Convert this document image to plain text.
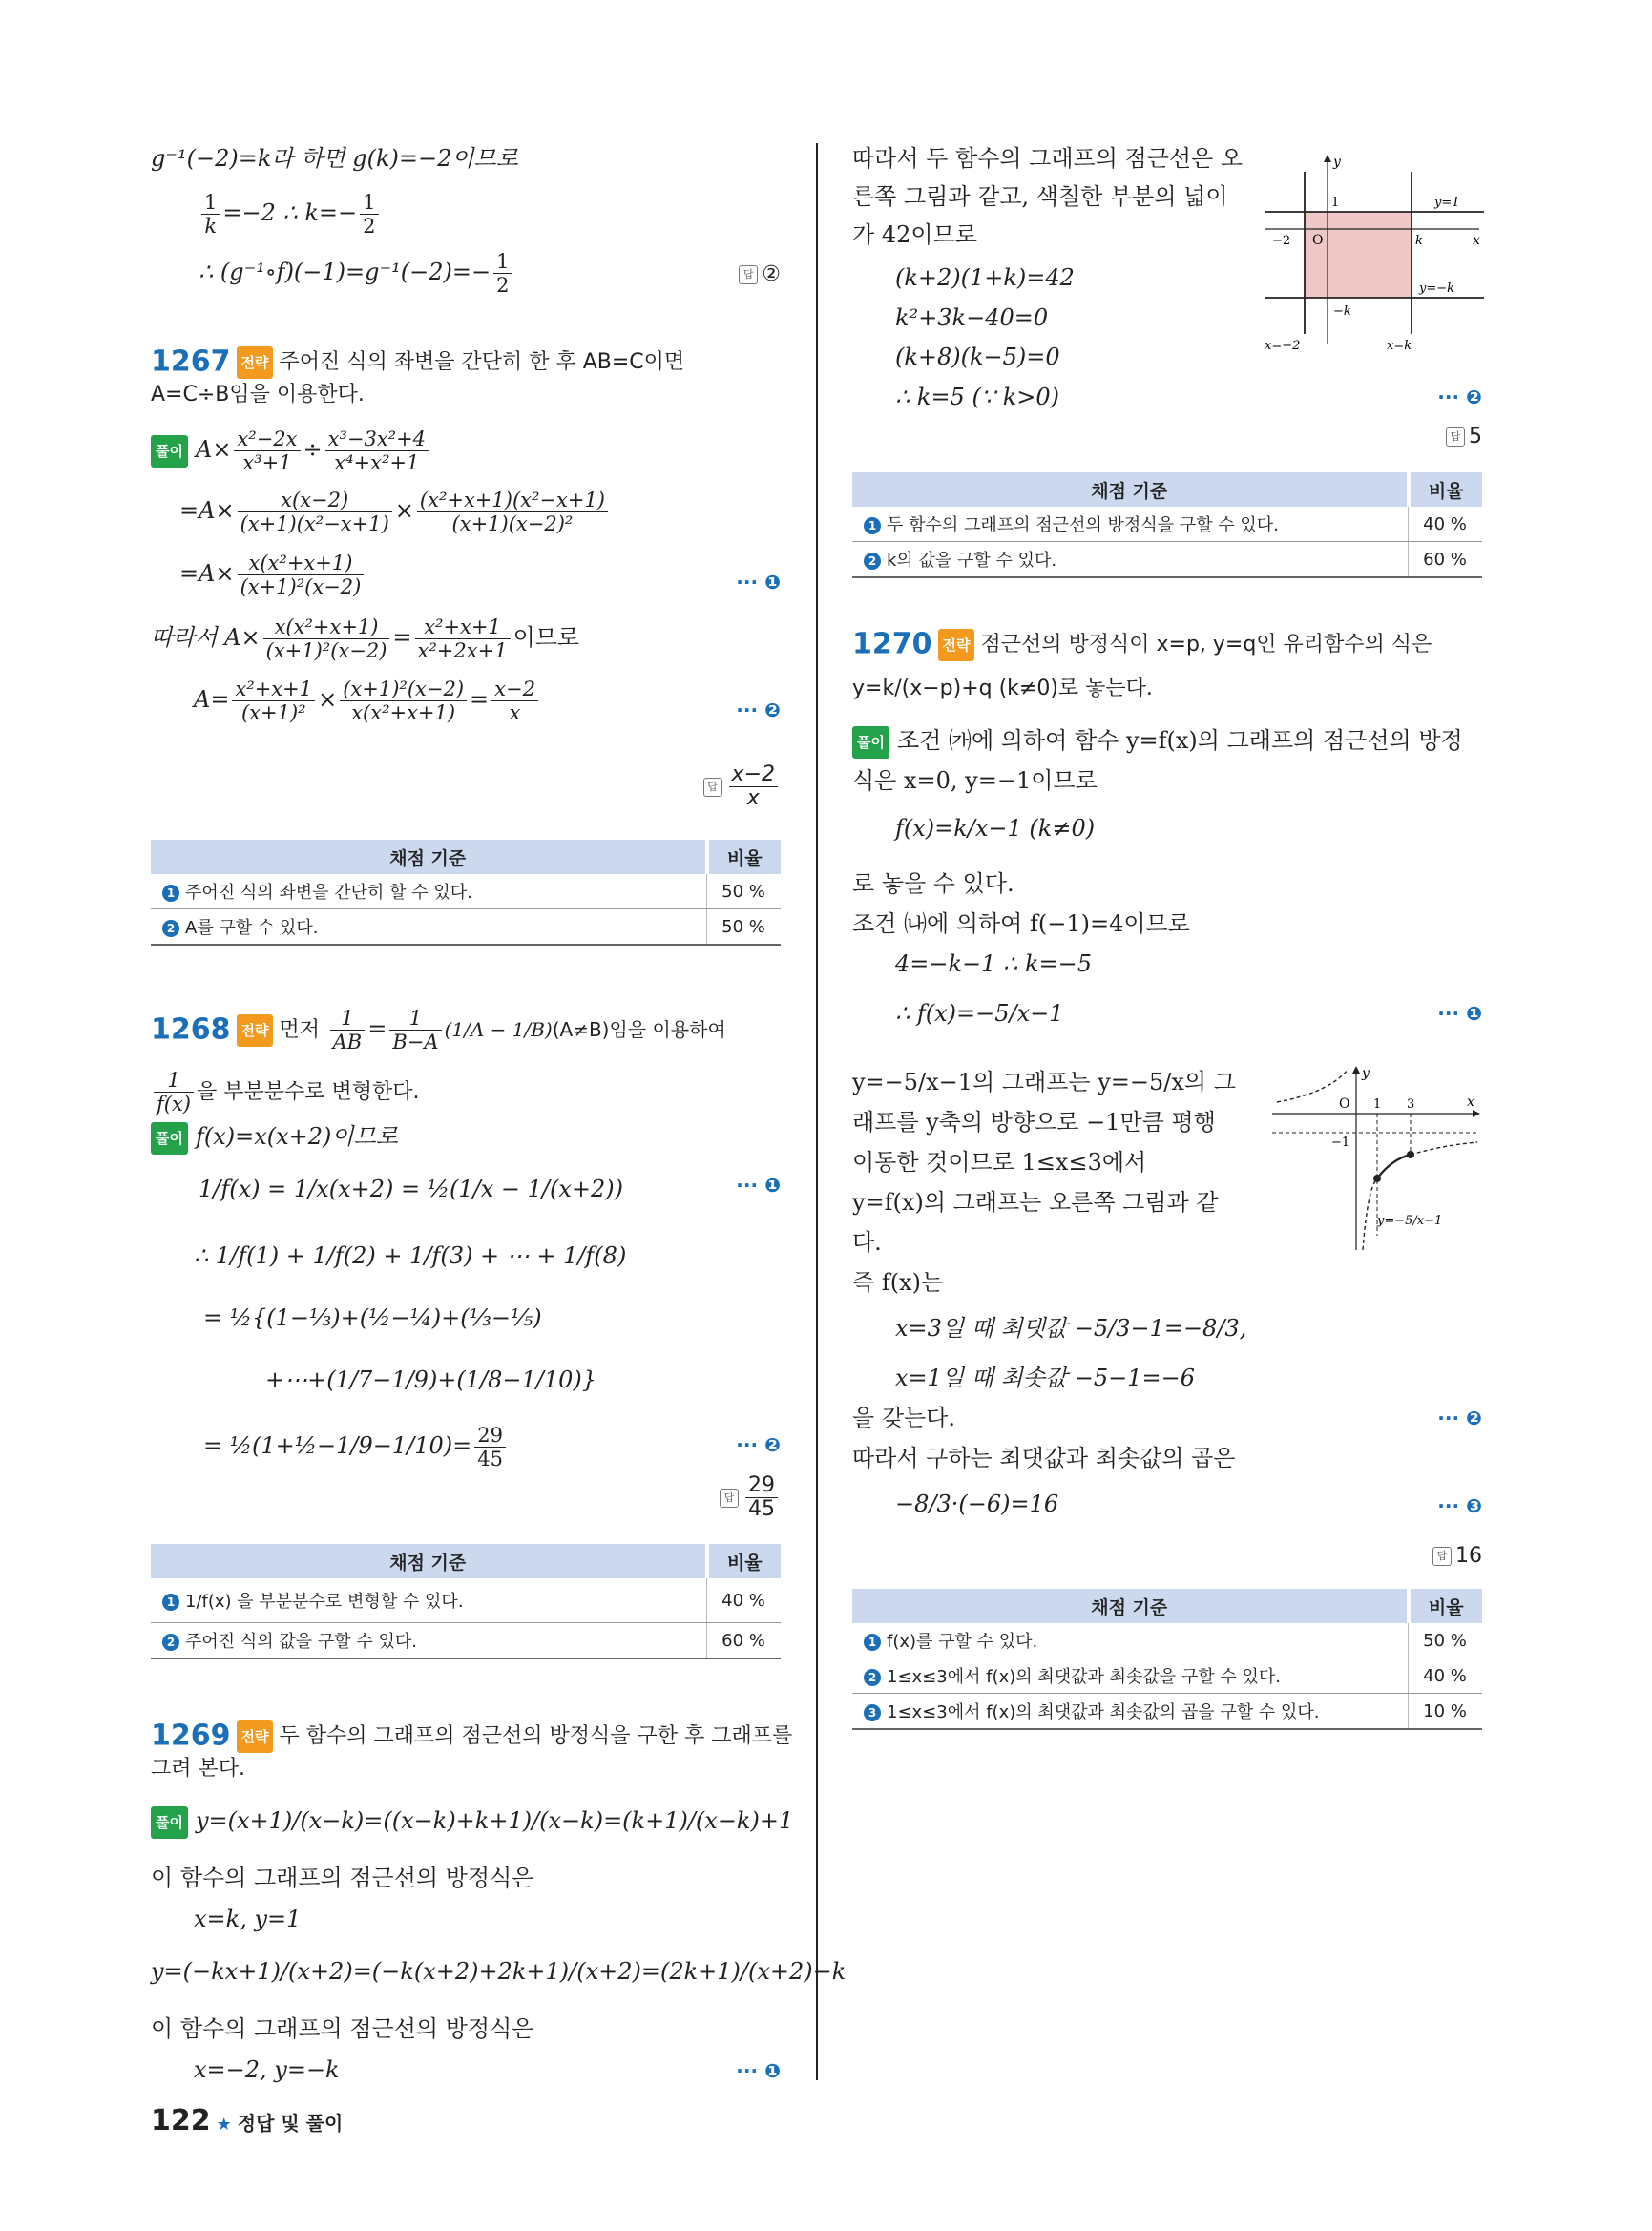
g⁻¹(−2)=k라 하면 g(k)=−2이므로
$\frac{1}{k} =-2$ ∴ $k=- \frac{1}{2}$
∴ (g⁻¹∘f)(−1)=g⁻¹(−2)=− $\frac{1}{2}$	답 ②
1267 전략 주어진 식의 좌변을 간단히 한 후 AB=C이면
A=C÷B임을 이용한다.
풀이 $A\times \frac{\text{x²−2x}}{\text{x³+1}} \div \frac{\text{x³−3x²+4}}{\text{x⁴+x²+1}}$
$=A\times \frac{x(x-2)}{\text{(x+1)(x²−x+1)}} \times \frac{\text{(x²+x+1)(x²−x+1)}}{\text{(x+1)(x−2)²}}$
$=A\times \frac{\text{x(x²+x+1)}}{\text{(x+1)²(x−2)}}$	··· ❶
따라서 $A\times \frac{\text{x(x²+x+1)}}{\text{(x+1)²(x−2)}} = \frac{\text{x²+x+1}}{\text{x²+2x+1}}$ 이므로
$A= \frac{\text{x²+x+1}}{\text{(x+1)²}} \times \frac{\text{(x+1)²(x−2)}}{\text{x(x²+x+1)}} = \frac{x-2}{x}$	··· ❷
답 $\frac{x-2}{x}$
채점 기준	비율
1 주어진 식의 좌변을 간단히 할 수 있다.	50 %
2 A를 구할 수 있다.	50 %
1268 전략 먼저 $\frac{1}{AB} = \frac{1}{B-A} (1/A - 1/B)(A\ne B)$임을 이용하여
$\frac{1}{f(x)}$ 을 부분분수로 변형한다.
풀이 f(x)=x(x+2)이므로
1/f(x) = 1/x(x+2) = ½(1/x − 1/(x+2))	··· ❶
∴ 1/f(1) + 1/f(2) + 1/f(3) + ⋯ + 1/f(8)
= ½{(1−⅓)+(½−¼)+(⅓−⅕)
+⋯+(1/7−1/9)+(1/8−1/10)}
= ½(1+½−1/9−1/10)= $\frac{29}{45}$	··· ❷
답 $\frac{29}{45}$
채점 기준	비율
1 1/f(x) 을 부분분수로 변형할 수 있다.	40 %
2 주어진 식의 값을 구할 수 있다.	60 %
1269 전략 두 함수의 그래프의 점근선의 방정식을 구한 후 그래프를
그려 본다.
풀이 y=(x+1)/(x−k)=((x−k)+k+1)/(x−k)=(k+1)/(x−k)+1
이 함수의 그래프의 점근선의 방정식은
x=k, y=1
y=(−kx+1)/(x+2)=(−k(x+2)+2k+1)/(x+2)=(2k+1)/(x+2)−k
이 함수의 그래프의 점근선의 방정식은
x=−2, y=−k	··· ❶
따라서 두 함수의 그래프의 점근선은 오
른쪽 그림과 같고, 색칠한 부분의 넓이
가 42이므로
(k+2)(1+k)=42
k²+3k−40=0
(k+8)(k−5)=0
∴ k=5 (∵ k>0)	··· ❷
답 5
y
x
O
1
−2	k
−k
y=1
y=−k
x=−2	x=k
채점 기준	비율
1 두 함수의 그래프의 점근선의 방정식을 구할 수 있다.	40 %
2 k의 값을 구할 수 있다.	60 %
1270 전략 점근선의 방정식이 x=p, y=q인 유리함수의 식은
y=k/(x−p)+q (k≠0)로 놓는다.
풀이 조건 ㈎에 의하여 함수 y=f(x)의 그래프의 점근선의 방정
식은 x=0, y=−1이므로
f(x)=k/x−1 (k≠0)
로 놓을 수 있다.
조건 ㈏에 의하여 f(−1)=4이므로
4=−k−1 ∴ k=−5
∴ f(x)=−5/x−1	··· ❶
y=−5/x−1의 그래프는 y=−5/x의 그
래프를 y축의 방향으로 −1만큼 평행
이동한 것이므로 1≤x≤3에서
y=f(x)의 그래프는 오른쪽 그림과 같
다.
y
x
O 1 3
−1
y=−5/x−1
즉 f(x)는
x=3일 때 최댓값 −5/3−1=−8/3,
x=1일 때 최솟값 −5−1=−6
을 갖는다.	··· ❷
따라서 구하는 최댓값과 최솟값의 곱은
−8/3·(−6)=16	··· ❸
답 16
채점 기준	비율
1 f(x)를 구할 수 있다.	50 %
2 1≤x≤3에서 f(x)의 최댓값과 최솟값을 구할 수 있다.	40 %
3 1≤x≤3에서 f(x)의 최댓값과 최솟값의 곱을 구할 수 있다.	10 %
122 ★ 정답 및 풀이
